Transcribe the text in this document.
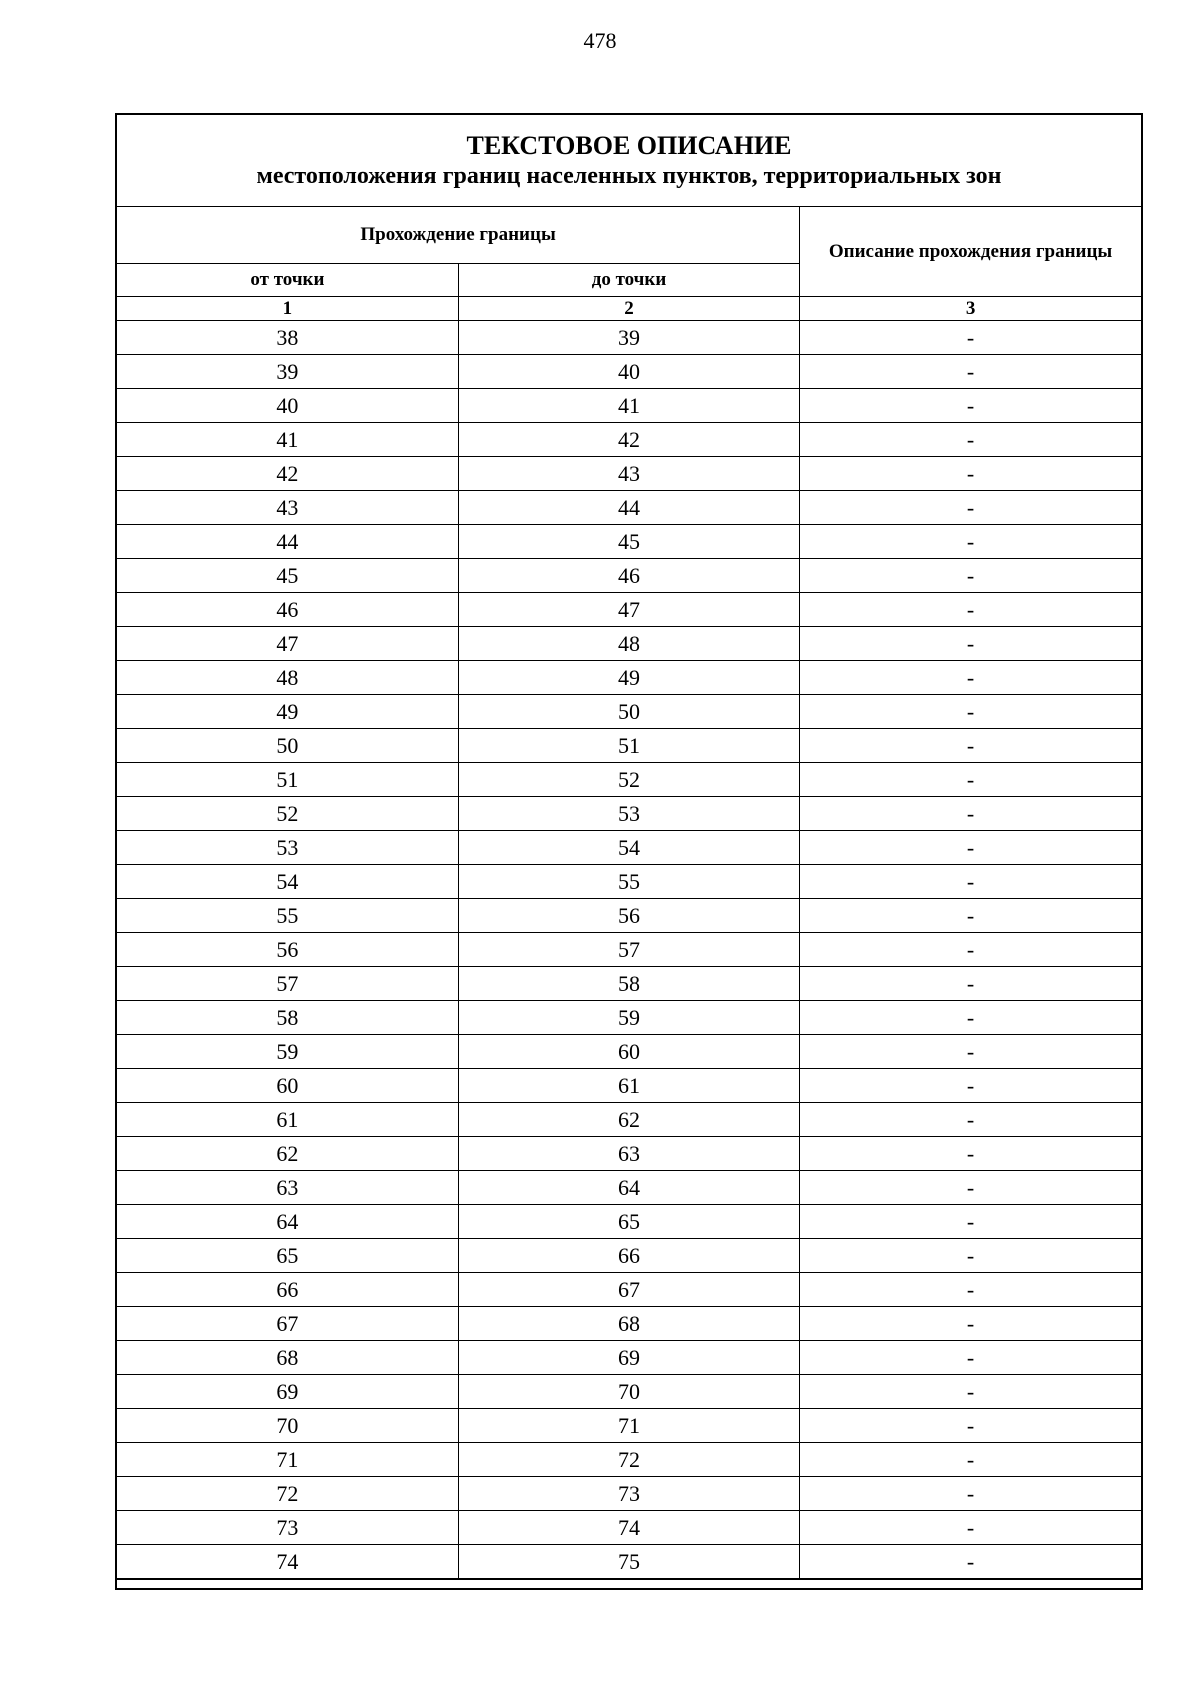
478
ТЕКСТОВОЕ ОПИСАНИЕ
местоположения границ населенных пунктов, территориальных зон
Прохождение границы		Описание прохождения границы
от точки	до точки	
1	2	3
38	39	-
39	40	-
40	41	-
41	42	-
42	43	-
43	44	-
44	45	-
45	46	-
46	47	-
47	48	-
48	49	-
49	50	-
50	51	-
51	52	-
52	53	-
53	54	-
54	55	-
55	56	-
56	57	-
57	58	-
58	59	-
59	60	-
60	61	-
61	62	-
62	63	-
63	64	-
64	65	-
65	66	-
66	67	-
67	68	-
68	69	-
69	70	-
70	71	-
71	72	-
72	73	-
73	74	-
74	75	-
